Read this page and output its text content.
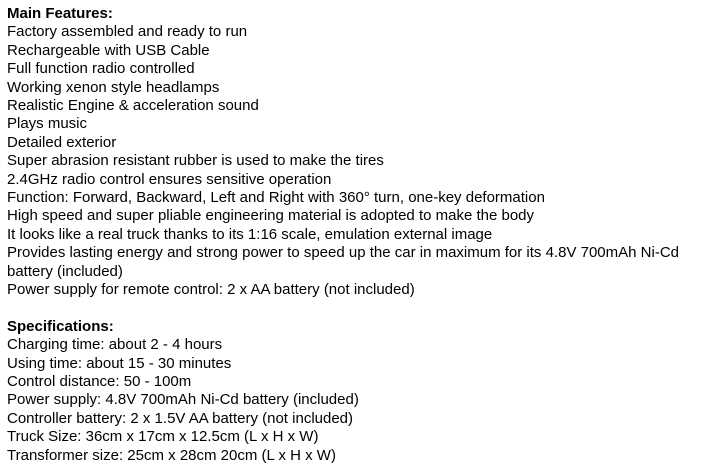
Main Features:
Factory assembled and ready to run
Rechargeable with USB Cable
Full function radio controlled
Working xenon style headlamps
Realistic Engine & acceleration sound
Plays music
Detailed exterior
Super abrasion resistant rubber is used to make the tires
2.4GHz radio control ensures sensitive operation
Function: Forward, Backward, Left and Right with 360° turn, one-key deformation
High speed and super pliable engineering material is adopted to make the body
It looks like a real truck thanks to its 1:16 scale, emulation external image
Provides lasting energy and strong power to speed up the car in maximum for its 4.8V 700mAh Ni-Cd battery (included)
Power supply for remote control: 2 x AA battery (not included)
Specifications:
Charging time: about 2 - 4 hours
Using time: about 15 - 30 minutes
Control distance: 50 - 100m
Power supply: 4.8V 700mAh Ni-Cd battery (included)
Controller battery: 2 x 1.5V AA battery (not included)
Truck Size: 36cm x 17cm x 12.5cm (L x H x W)
Transformer size: 25cm x 28cm 20cm (L x H x W)
